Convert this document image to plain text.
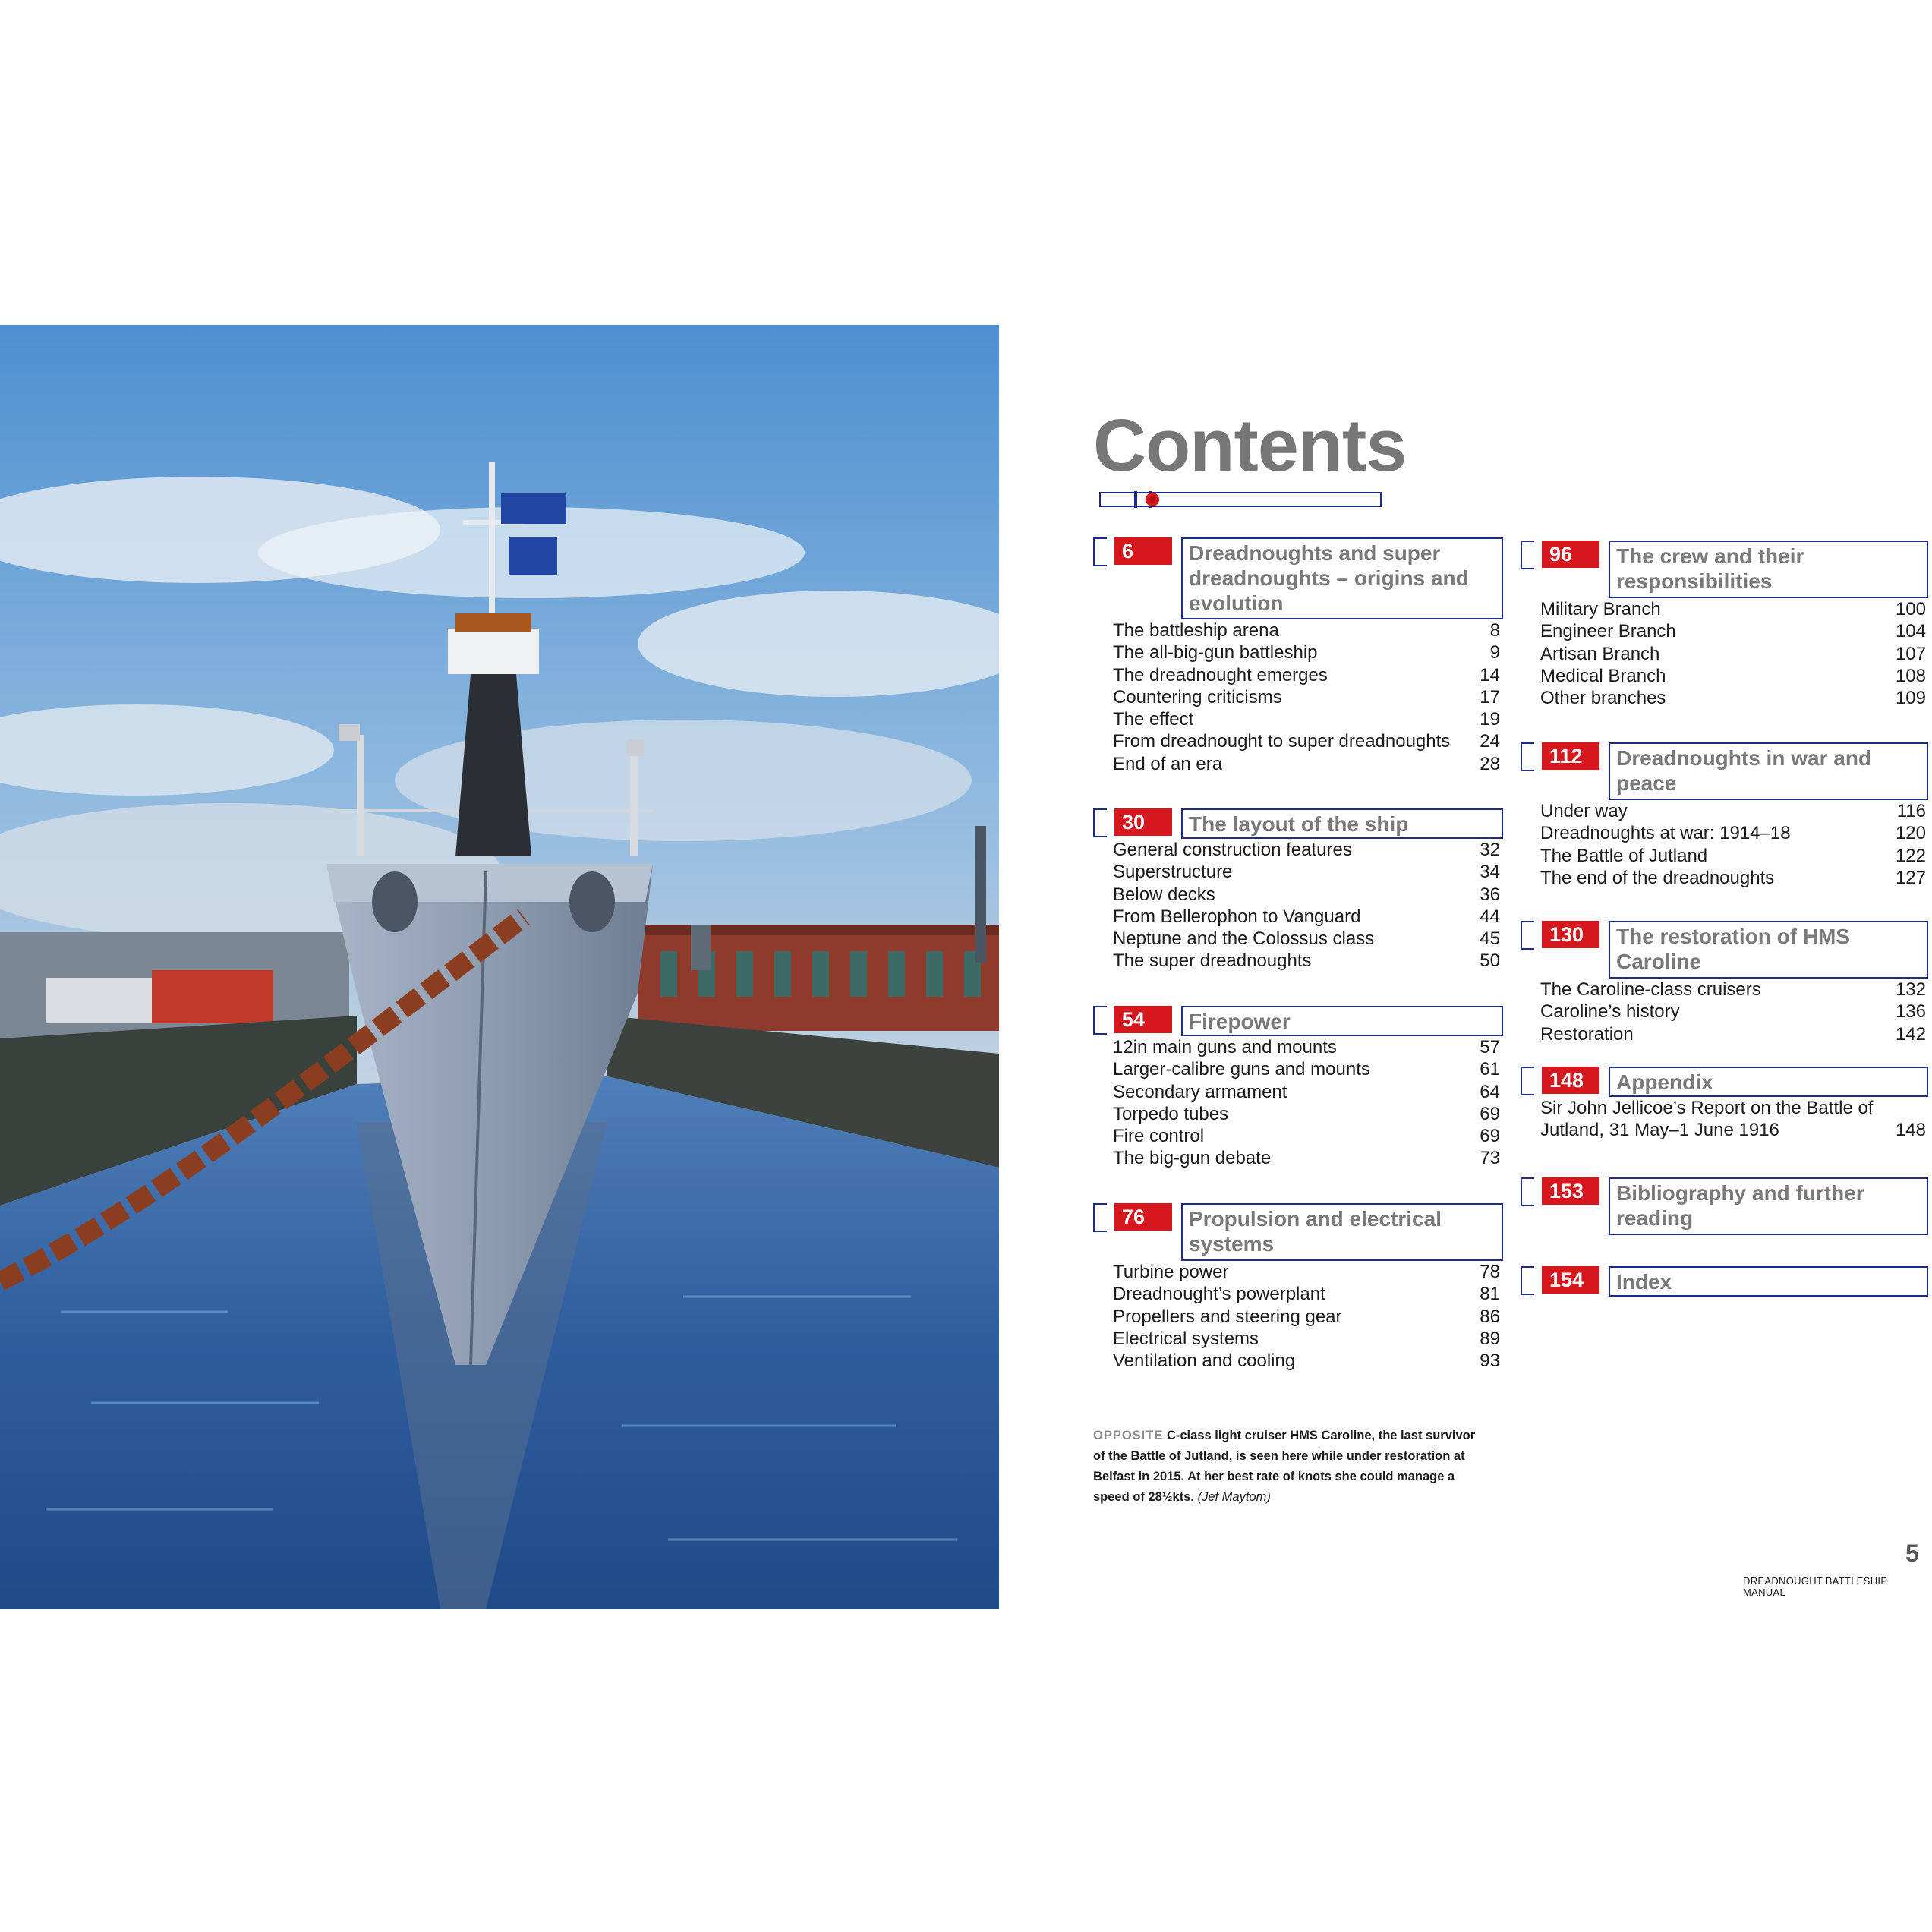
Contents
6	Dreadnoughts and super dreadnoughts – origins and evolution
The battleship arena	8
The all-big-gun battleship	9
The dreadnought emerges	14
Countering criticisms	17
The effect	19
From dreadnought to super dreadnoughts 24
End of an era	28
30	The layout of the ship
General construction features	32
Superstructure	34
Below decks	36
From Bellerophon to Vanguard	44
Neptune and the Colossus class	45
The super dreadnoughts	50
54	Firepower
12in main guns and mounts	57
Larger-calibre guns and mounts	61
Secondary armament	64
Torpedo tubes	69
Fire control	69
The big-gun debate	73
76	Propulsion and electrical systems
Turbine power	78
Dreadnought’s powerplant	81
Propellers and steering gear	86
Electrical systems	89
Ventilation and cooling	93
96	The crew and their responsibilities
Military Branch	100
Engineer Branch	104
Artisan Branch	107
Medical Branch	108
Other branches	109
112	Dreadnoughts in war and peace
Under way	116
Dreadnoughts at war: 1914–18	120
The Battle of Jutland	122
The end of the dreadnoughts	127
130	The restoration of HMS Caroline
The Caroline-class cruisers	132
Caroline’s history	136
Restoration	142
148	Appendix
Sir John Jellicoe’s Report on the Battle of Jutland, 31 May–1 June 1916	148
153	Bibliography and further reading
154	Index
OPPOSITE C-class light cruiser HMS Caroline, the last survivor of the Battle of Jutland, is seen here while under restoration at Belfast in 2015. At her best rate of knots she could manage a speed of 28½kts. (Jef Maytom)
5
DREADNOUGHT BATTLESHIP MANUAL
